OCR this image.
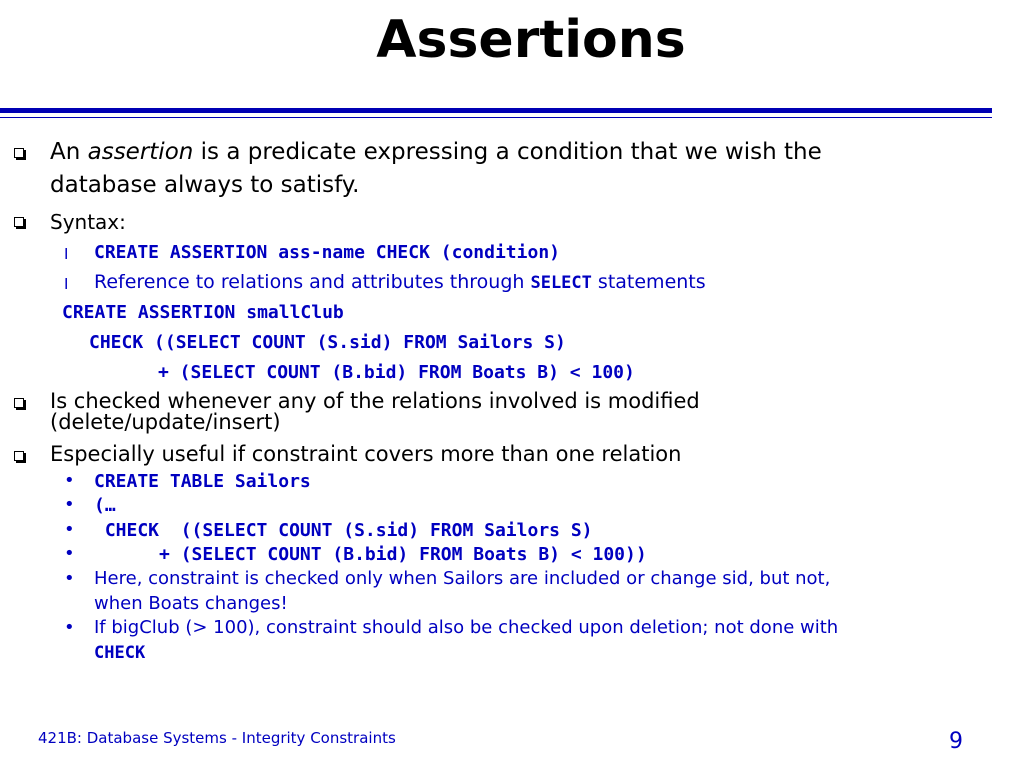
Assertions
An assertion is a predicate expressing a condition that we wish the
database always to satisfy.
Syntax:
Ⅰ CREATE ASSERTION ass-name CHECK (condition)
Ⅰ Reference to relations and attributes through SELECT statements
CREATE ASSERTION smallClub
CHECK ((SELECT COUNT (S.sid) FROM Sailors S)
+ (SELECT COUNT (B.bid) FROM Boats B) < 100)
Is checked whenever any of the relations involved is modified
(delete/update/insert)
Especially useful if constraint covers more than one relation
• CREATE TABLE Sailors
• (…
• CHECK  ((SELECT COUNT (S.sid) FROM Sailors S)
• + (SELECT COUNT (B.bid) FROM Boats B) < 100))
• Here, constraint is checked only when Sailors are included or change sid, but not,
when Boats changes!
• If bigClub (> 100), constraint should also be checked upon deletion; not done with
CHECK
421B: Database Systems - Integrity Constraints	9
